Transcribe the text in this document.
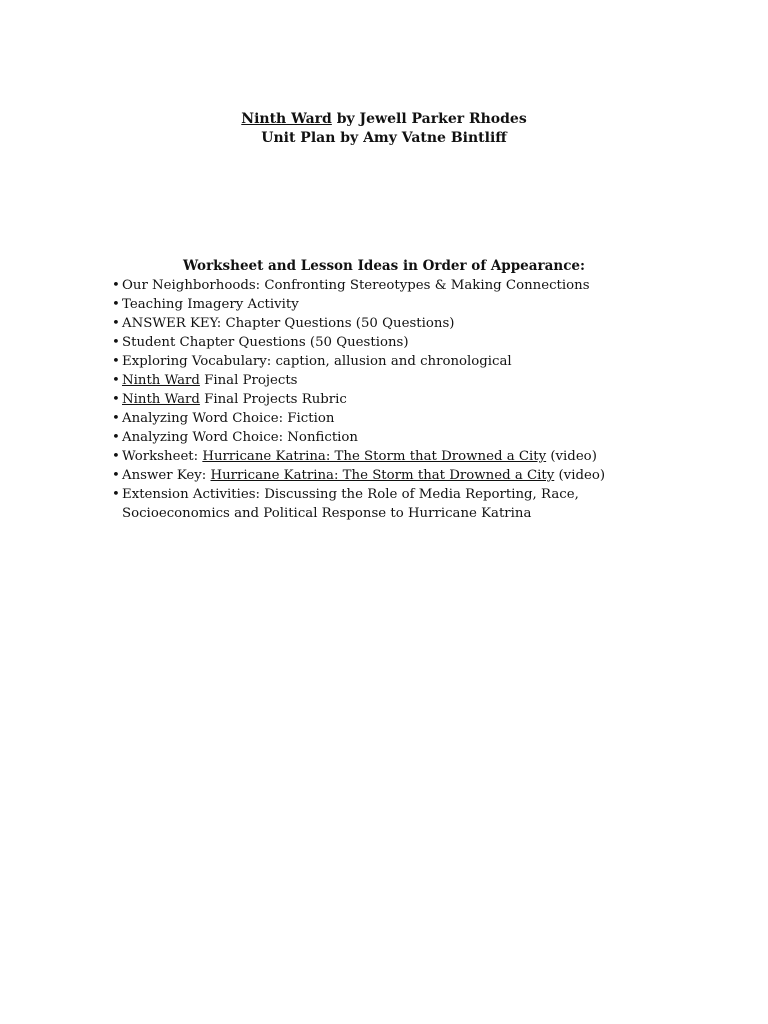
Ninth Ward by Jewell Parker Rhodes
Unit Plan by Amy Vatne Bintliff
Worksheet and Lesson Ideas in Order of Appearance:
• Our Neighborhoods: Confronting Stereotypes & Making Connections
• Teaching Imagery Activity
• ANSWER KEY: Chapter Questions (50 Questions)
• Student Chapter Questions (50 Questions)
• Exploring Vocabulary: caption, allusion and chronological
• Ninth Ward Final Projects
• Ninth Ward Final Projects Rubric
• Analyzing Word Choice: Fiction
• Analyzing Word Choice: Nonfiction
• Worksheet: Hurricane Katrina: The Storm that Drowned a City (video)
• Answer Key: Hurricane Katrina: The Storm that Drowned a City (video)
• Extension Activities: Discussing the Role of Media Reporting, Race,
Socioeconomics and Political Response to Hurricane Katrina
